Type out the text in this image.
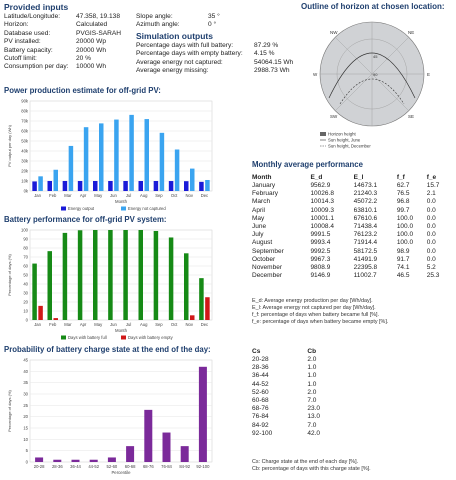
Provided inputs
Latitude/Longitude:	47.358, 19.138
Horizon:	Calculated
Database used:	PVGIS-SARAH
PV installed:	20000 Wp
Battery capacity:	20000 Wh
Cutoff limit:	20 %
Consumption per day:	10000 Wh
Slope angle:	35 °
Azimuth angle:	0 °
Simulation outputs
Percentage days with full battery:	87.29 %
Percentage days with empty battery:	4.15 %
Average energy not captured:	54064.15 Wh
Average energy missing:	2988.73 Wh
Outline of horizon at chosen location:
NW	NE
SW	SE
W	E
45
90
Horizon height
Sun height, June
Sun height, December
Power production estimate for off-grid PV:
0k
10k
20k
30k
40k
50k
60k
70k
80k
90k
Jan Feb Mar Apr May Jun Jul Aug Sep Oct Nov Dec
PV output per day (Wh)
Month
Energy output	Energy not captured
Battery performance for off-grid PV system:
0
10
20
30
40
50
60
70
80
90
100
Jan Feb Mar Apr May Jun Jul Aug Sep Oct Nov Dec
Percentage of days (%)
Month
Days with battery full	Days with battery empty
Probability of battery charge state at the end of the day:
0
5
10
15
20
25
30
35
40
45
20-28 28-36 36-44 44-52 52-60 60-68 68-76 76-84 84-92 92-100
Percentage of days (%)
Percentile
Monthly average performance
Month	E_d	E_l	f_f	f_e
January	9562.9	14673.1	62.7	15.7
February	10026.8	21240.3	76.5	2.1
March	10014.3	45072.2	96.8	0.0
April	10009.3	63810.1	99.7	0.0
May	10001.1	67610.6	100.0	0.0
June	10008.4	71438.4	100.0	0.0
July	9991.5	76123.2	100.0	0.0
August	9993.4	71914.4	100.0	0.0
September	9992.5	58172.5	98.9	0.0
October	9967.3	41491.9	91.7	0.0
November	9808.9	22395.8	74.1	5.2
December	9146.9	11002.7	46.5	25.3
E_d: Average energy production per day [Wh/day].
E_l: Average energy not captured per day [Wh/day].
f_f: percentage of days when battery became full [%].
f_e: percentage of days when battery became empty [%].
Cs	Cb
20-28	2.0
28-36	1.0
36-44	1.0
44-52	1.0
52-60	2.0
60-68	7.0
68-76	23.0
76-84	13.0
84-92	7.0
92-100	42.0
Cs: Charge state at the end of each day [%].
Cb: percentage of days with this charge state [%].
